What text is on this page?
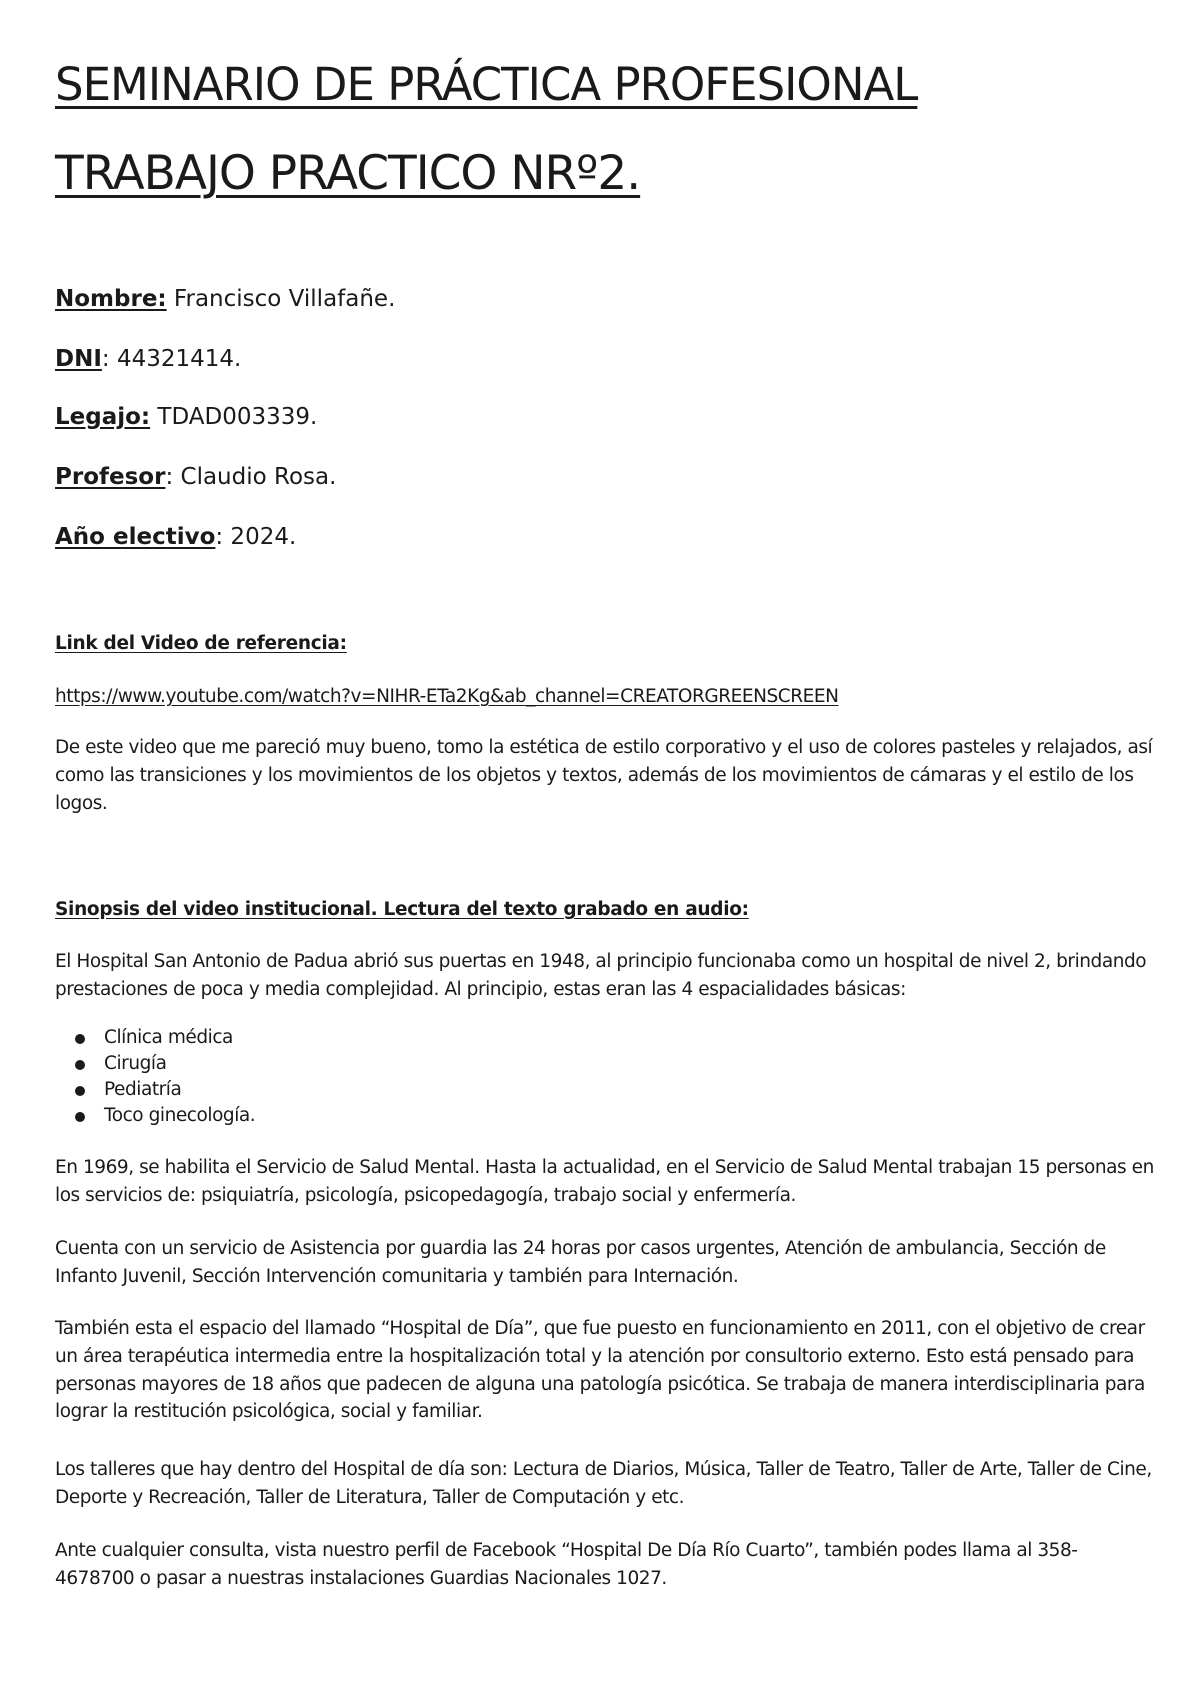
SEMINARIO DE PRÁCTICA PROFESIONAL
TRABAJO PRACTICO NRº2.

Nombre: Francisco Villafañe.

DNI: 44321414.

Legajo: TDAD003339.

Profesor: Claudio Rosa.

Año electivo: 2024.

Link del Video de referencia:

https://www.youtube.com/watch?v=NIHR-ETa2Kg&ab_channel=CREATORGREENSCREEN

De este video que me pareció muy bueno, tomo la estética de estilo corporativo y el uso de colores pasteles y relajados, así como las transiciones y los movimientos de los objetos y textos, además de los movimientos de cámaras y el estilo de los logos.

Sinopsis del video institucional. Lectura del texto grabado en audio:

El Hospital San Antonio de Padua abrió sus puertas en 1948, al principio funcionaba como un hospital de nivel 2, brindando prestaciones de poca y media complejidad. Al principio, estas eran las 4 espacialidades básicas:

Clínica médica
Cirugía
Pediatría
Toco ginecología.

En 1969, se habilita el Servicio de Salud Mental. Hasta la actualidad, en el Servicio de Salud Mental trabajan 15 personas en los servicios de: psiquiatría, psicología, psicopedagogía, trabajo social y enfermería.

Cuenta con un servicio de Asistencia por guardia las 24 horas por casos urgentes, Atención de ambulancia, Sección de Infanto Juvenil, Sección Intervención comunitaria y también para Internación.

También esta el espacio del llamado “Hospital de Día”, que fue puesto en funcionamiento en 2011, con el objetivo de crear un área terapéutica intermedia entre la hospitalización total y la atención por consultorio externo. Esto está pensado para personas mayores de 18 años que padecen de alguna una patología psicótica. Se trabaja de manera interdisciplinaria para lograr la restitución psicológica, social y familiar.

Los talleres que hay dentro del Hospital de día son: Lectura de Diarios, Música, Taller de Teatro, Taller de Arte, Taller de Cine, Deporte y Recreación, Taller de Literatura, Taller de Computación y etc.

Ante cualquier consulta, vista nuestro perfil de Facebook “Hospital De Día Río Cuarto”, también podes llama al 358-4678700 o pasar a nuestras instalaciones Guardias Nacionales 1027.
